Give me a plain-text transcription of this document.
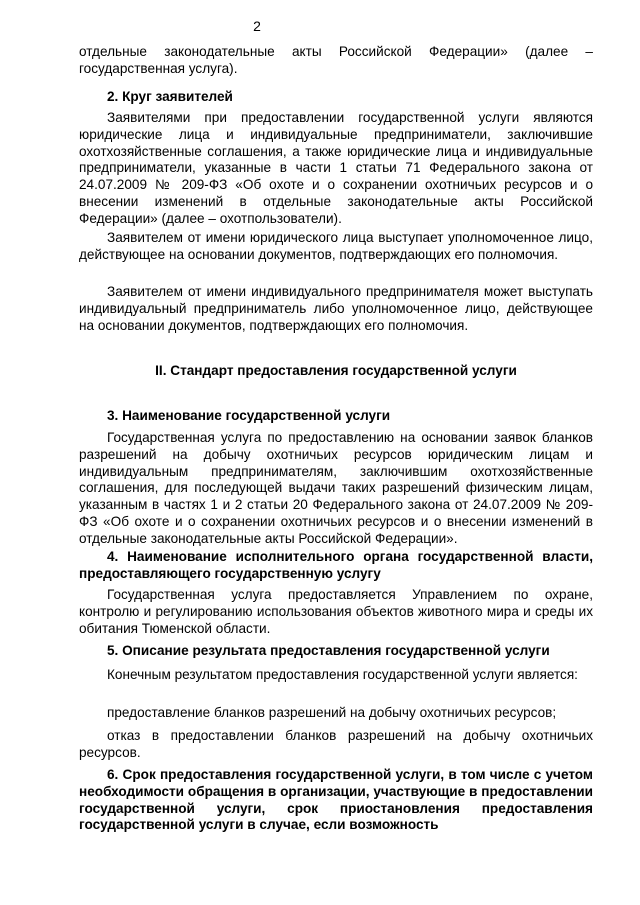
2

отдельные законодательные акты Российской Федерации» (далее – государственная услуга).

2. Круг заявителей

Заявителями при предоставлении государственной услуги являются юридические лица и индивидуальные предприниматели, заключившие охотхозяйственные соглашения, а также юридические лица и индивидуальные предприниматели, указанные в части 1 статьи 71 Федерального закона от 24.07.2009 № 209-ФЗ «Об охоте и о сохранении охотничьих ресурсов и о внесении изменений в отдельные законодательные акты Российской Федерации» (далее – охотпользователи).

Заявителем от имени юридического лица выступает уполномоченное лицо, действующее на основании документов, подтверждающих его полномочия.

Заявителем от имени индивидуального предпринимателя может выступать индивидуальный предприниматель либо уполномоченное лицо, действующее на основании документов, подтверждающих его полномочия.

II. Стандарт предоставления государственной услуги

3. Наименование государственной услуги

Государственная услуга по предоставлению на основании заявок бланков разрешений на добычу охотничьих ресурсов юридическим лицам и индивидуальным предпринимателям, заключившим охотхозяйственные соглашения, для последующей выдачи таких разрешений физическим лицам, указанным в частях 1 и 2 статьи 20 Федерального закона от 24.07.2009 № 209-ФЗ «Об охоте и о сохранении охотничьих ресурсов и о внесении изменений в отдельные законодательные акты Российской Федерации».

4. Наименование исполнительного органа государственной власти, предоставляющего государственную услугу

Государственная услуга предоставляется Управлением по охране, контролю и регулированию использования объектов животного мира и среды их обитания Тюменской области.

5. Описание результата предоставления государственной услуги

Конечным результатом предоставления государственной услуги является:

предоставление бланков разрешений на добычу охотничьих ресурсов;

отказ в предоставлении бланков разрешений на добычу охотничьих ресурсов.

6. Срок предоставления государственной услуги, в том числе с учетом необходимости обращения в организации, участвующие в предоставлении государственной услуги, срок приостановления предоставления государственной услуги в случае, если возможность
